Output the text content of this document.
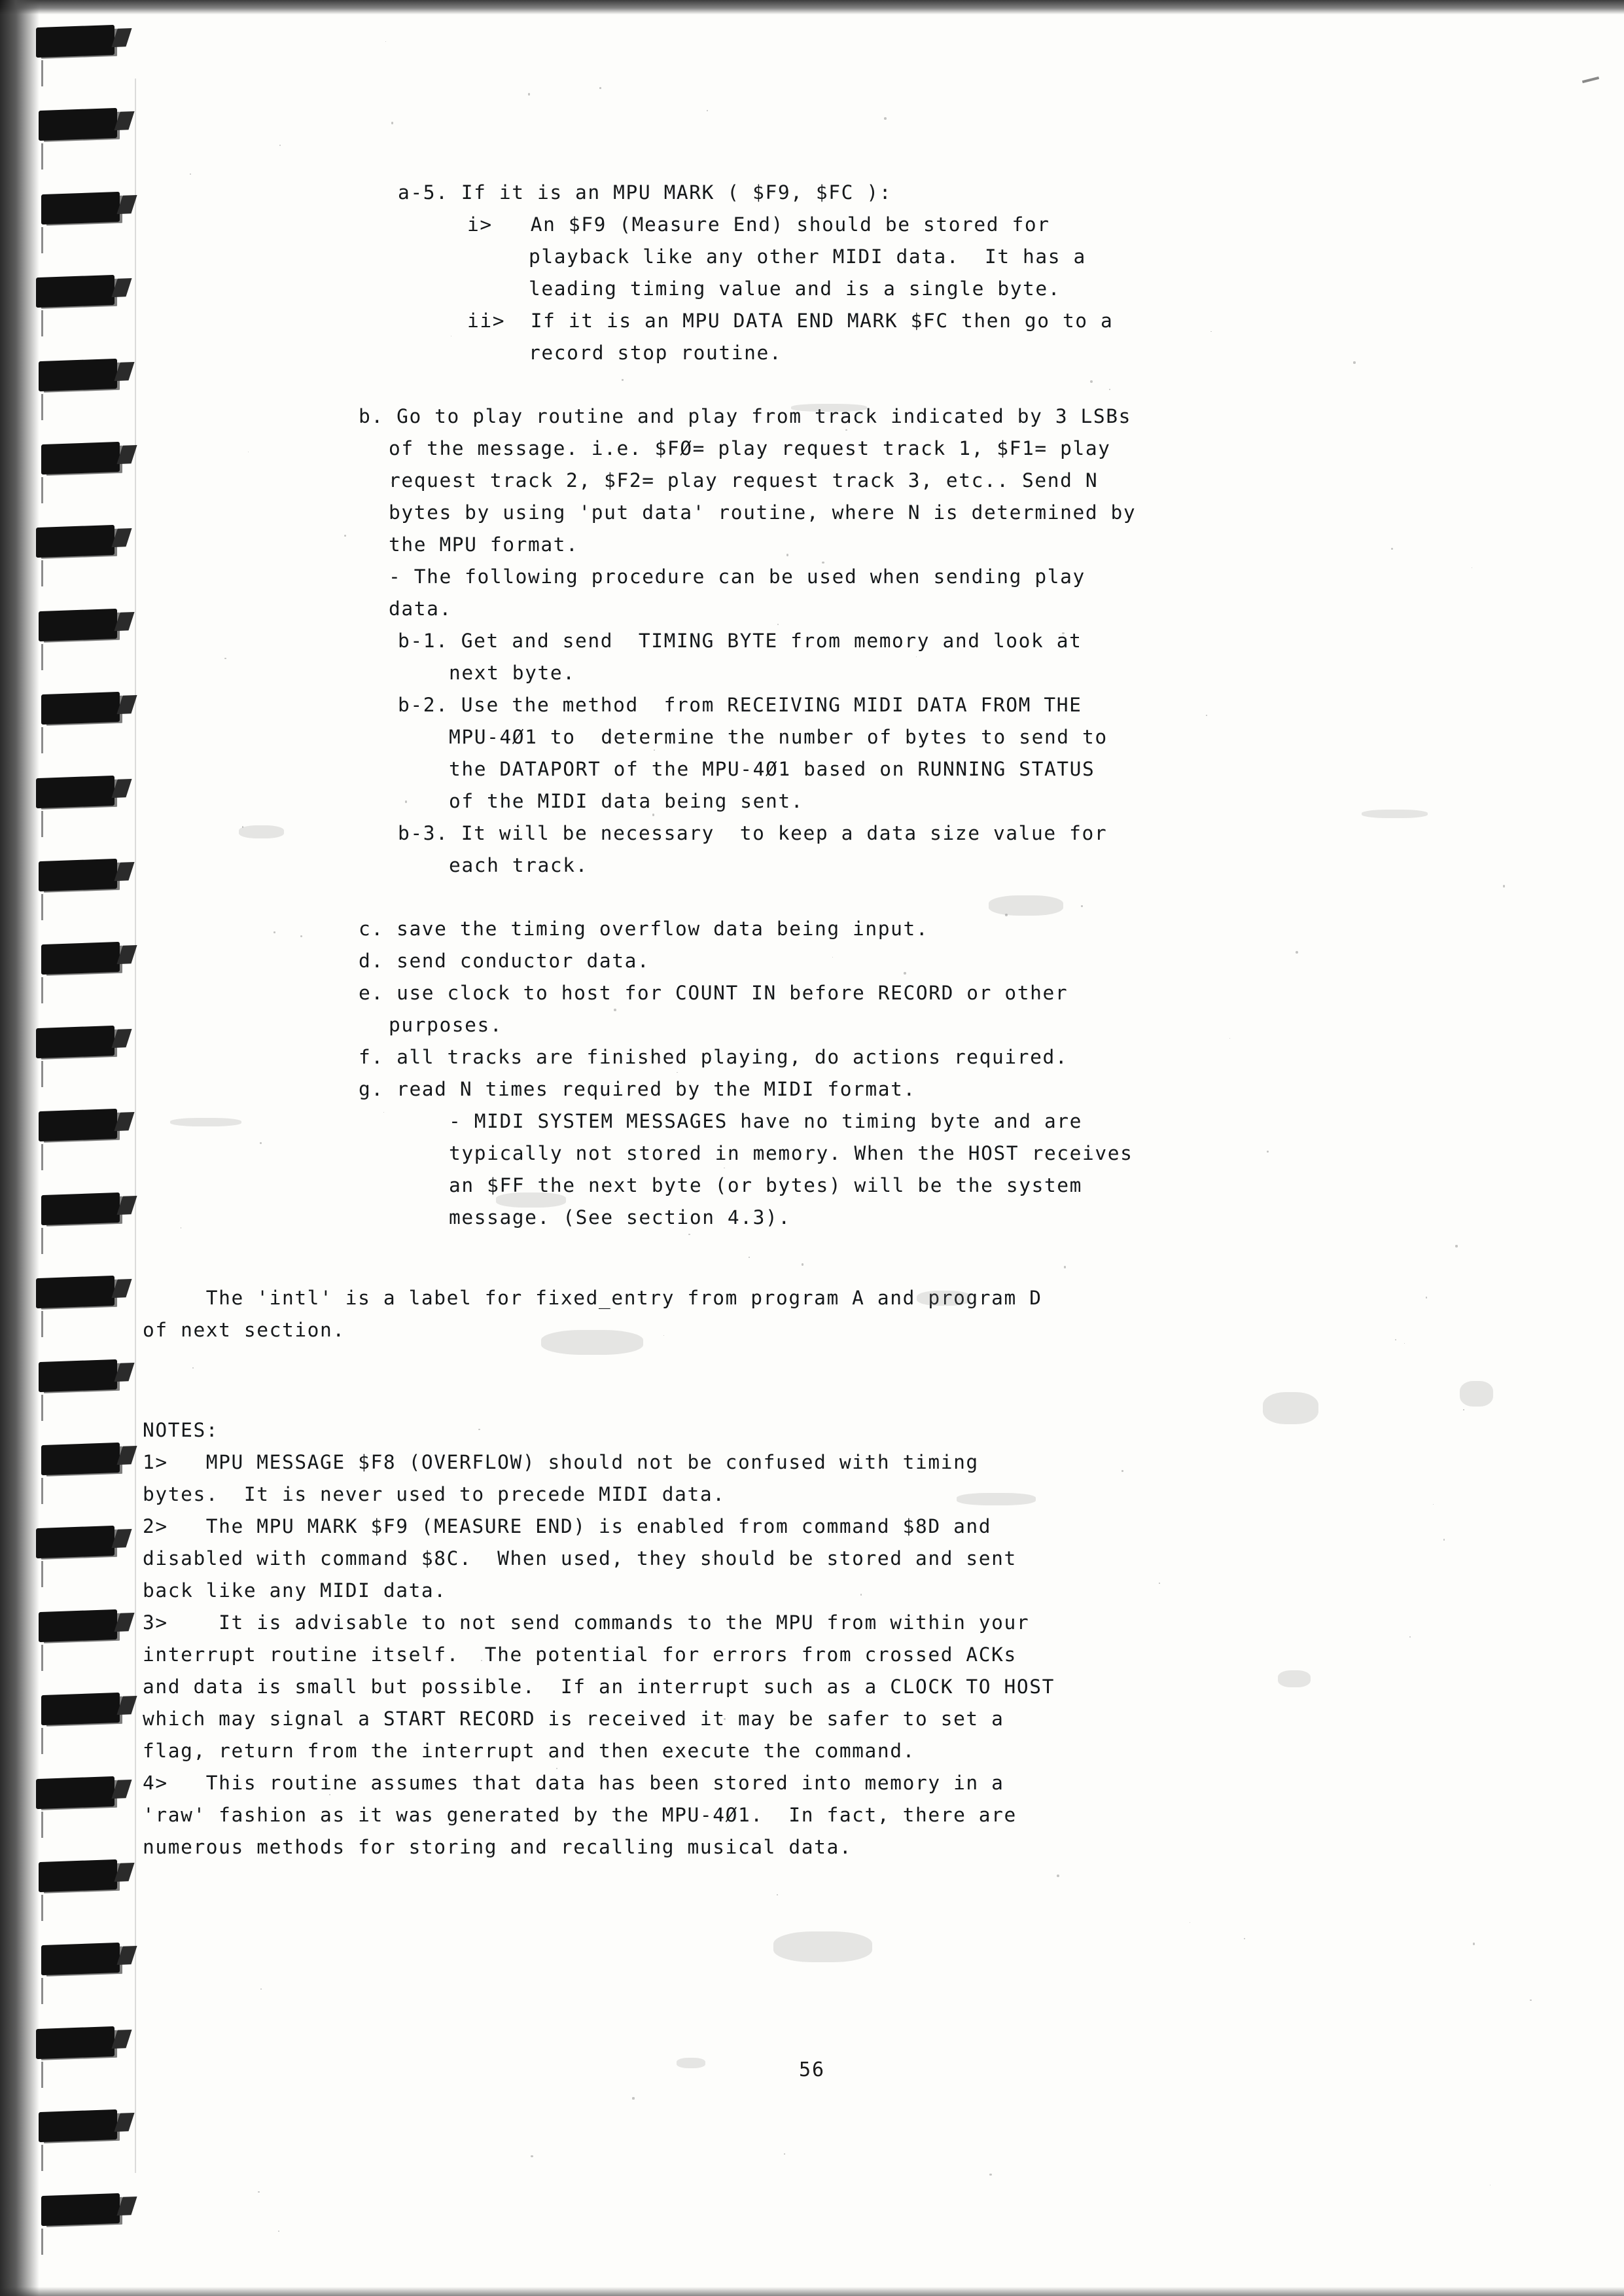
a-5. If it is an MPU MARK ( $F9, $FC ):
i>   An $F9 (Measure End) should be stored for
playback like any other MIDI data.  It has a
leading timing value and is a single byte.
ii>  If it is an MPU DATA END MARK $FC then go to a
record stop routine.
b. Go to play routine and play from track indicated by 3 LSBs
of the message. i.e. $FØ= play request track 1, $F1= play
request track 2, $F2= play request track 3, etc.. Send N
bytes by using 'put data' routine, where N is determined by
the MPU format.
- The following procedure can be used when sending play
data.
b-1. Get and send  TIMING BYTE from memory and look at
next byte.
b-2. Use the method  from RECEIVING MIDI DATA FROM THE
MPU-4Ø1 to  determine the number of bytes to send to
the DATAPORT of the MPU-4Ø1 based on RUNNING STATUS
of the MIDI data being sent.
b-3. It will be necessary  to keep a data size value for
each track.
c. save the timing overflow data being input.
d. send conductor data.
e. use clock to host for COUNT IN before RECORD or other
purposes.
f. all tracks are finished playing, do actions required.
g. read N times required by the MIDI format.
- MIDI SYSTEM MESSAGES have no timing byte and are
typically not stored in memory. When the HOST receives
an $FF the next byte (or bytes) will be the system
message. (See section 4.3).
The 'intl' is a label for fixed_entry from program A and program D
of next section.
NOTES:
1>   MPU MESSAGE $F8 (OVERFLOW) should not be confused with timing
bytes.  It is never used to precede MIDI data.
2>   The MPU MARK $F9 (MEASURE END) is enabled from command $8D and
disabled with command $8C.  When used, they should be stored and sent
back like any MIDI data.
3>    It is advisable to not send commands to the MPU from within your
interrupt routine itself.  The potential for errors from crossed ACKs
and data is small but possible.  If an interrupt such as a CLOCK TO HOST
which may signal a START RECORD is received it may be safer to set a
flag, return from the interrupt and then execute the command.
4>   This routine assumes that data has been stored into memory in a
'raw' fashion as it was generated by the MPU-4Ø1.  In fact, there are
numerous methods for storing and recalling musical data.
56
